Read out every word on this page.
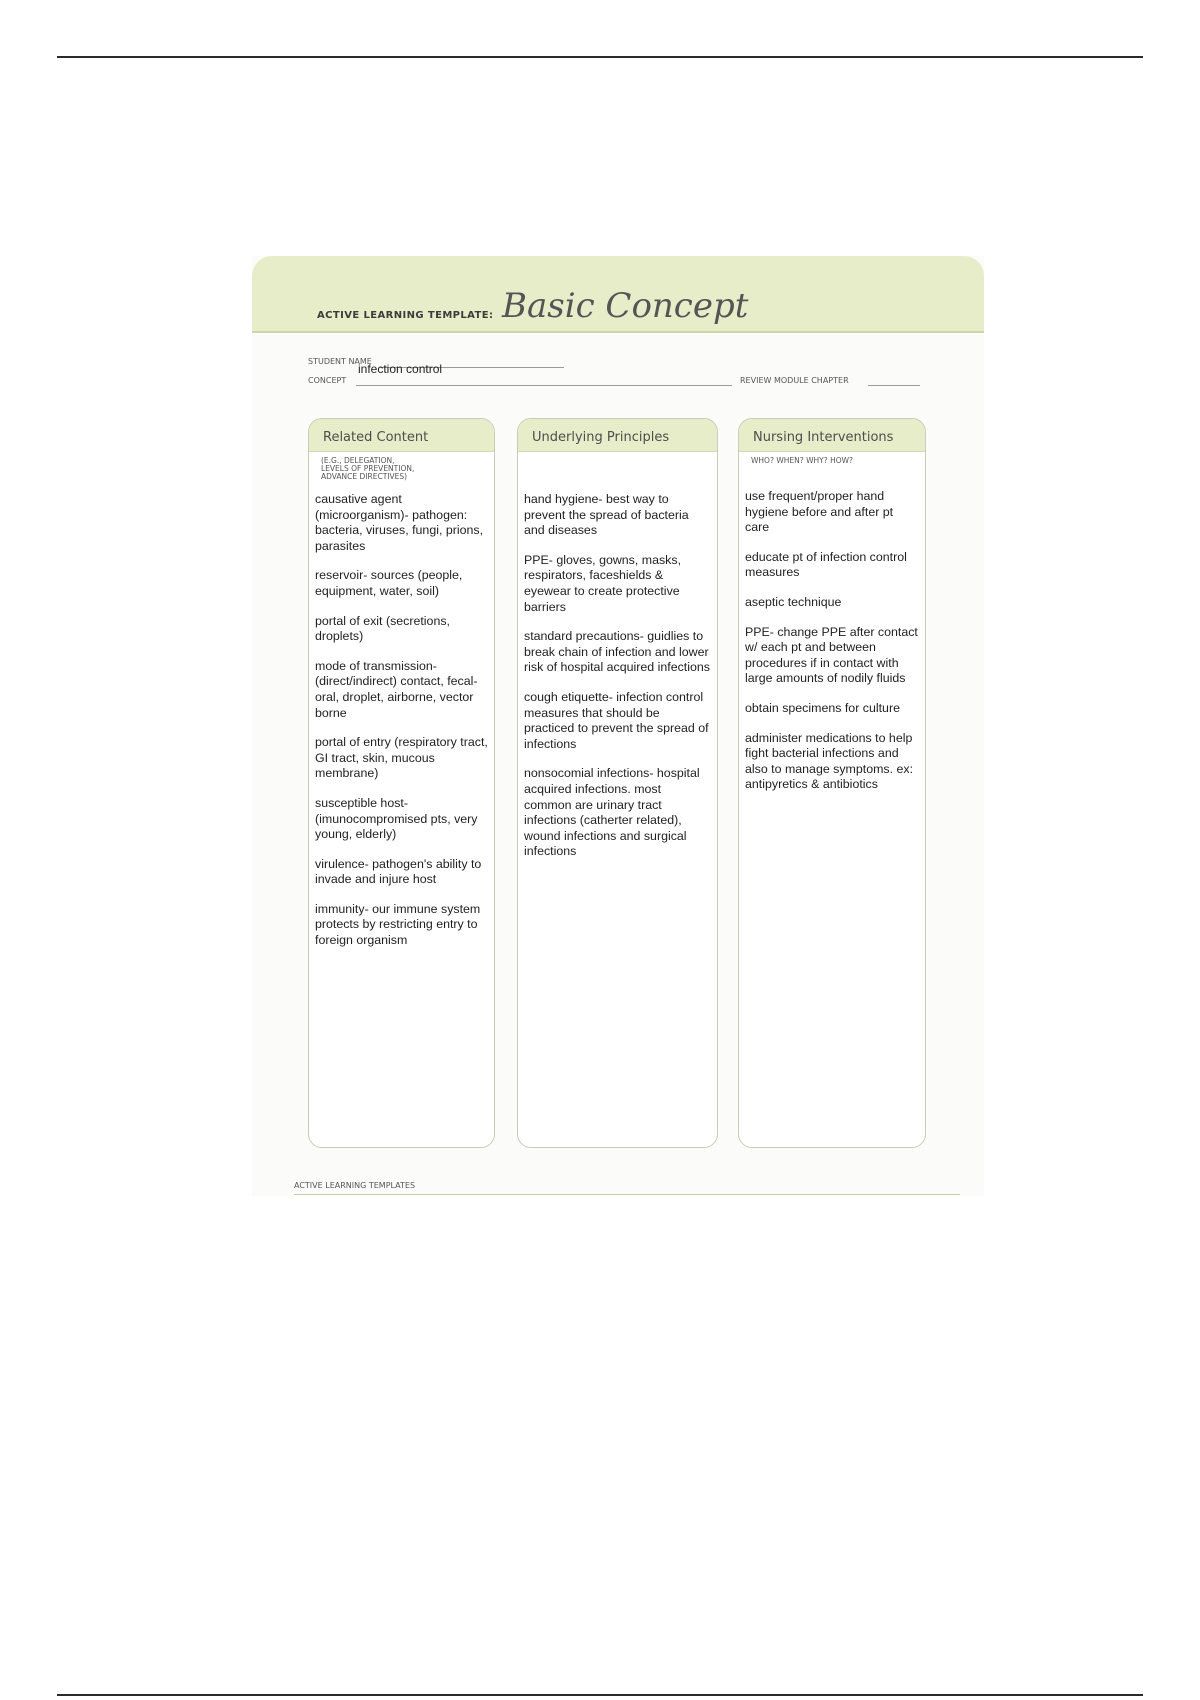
ACTIVE LEARNING TEMPLATE: Basic Concept
STUDENT NAME
CONCEPT
infection control
REVIEW MODULE CHAPTER
Related Content
(E.G., DELEGATION,
LEVELS OF PREVENTION,
ADVANCE DIRECTIVES)

causative agent (microorganism)- pathogen: bacteria, viruses, fungi, prions, parasites

reservoir- sources (people, equipment, water, soil)

portal of exit (secretions, droplets)

mode of transmission- (direct/indirect) contact, fecal-oral, droplet, airborne, vector borne

portal of entry (respiratory tract, GI tract, skin, mucous membrane)

susceptible host- (imunocompromised pts, very young, elderly)

virulence- pathogen's ability to invade and injure host

immunity- our immune system protects by restricting entry to foreign organism

Underlying Principles

hand hygiene- best way to prevent the spread of bacteria and diseases

PPE- gloves, gowns, masks, respirators, faceshields & eyewear to create protective barriers

standard precautions- guidlies to break chain of infection and lower risk of hospital acquired infections

cough etiquette- infection control measures that should be practiced to prevent the spread of infections

nonsocomial infections- hospital acquired infections. most common are urinary tract infections (catherter related), wound infections and surgical infections

Nursing Interventions
WHO? WHEN? WHY? HOW?

use frequent/proper hand hygiene before and after pt care

educate pt of infection control measures

aseptic technique

PPE- change PPE after contact w/ each pt and between procedures if in contact with large amounts of nodily fluids

obtain specimens for culture

administer medications to help fight bacterial infections and also to manage symptoms. ex: antipyretics & antibiotics

ACTIVE LEARNING TEMPLATES
